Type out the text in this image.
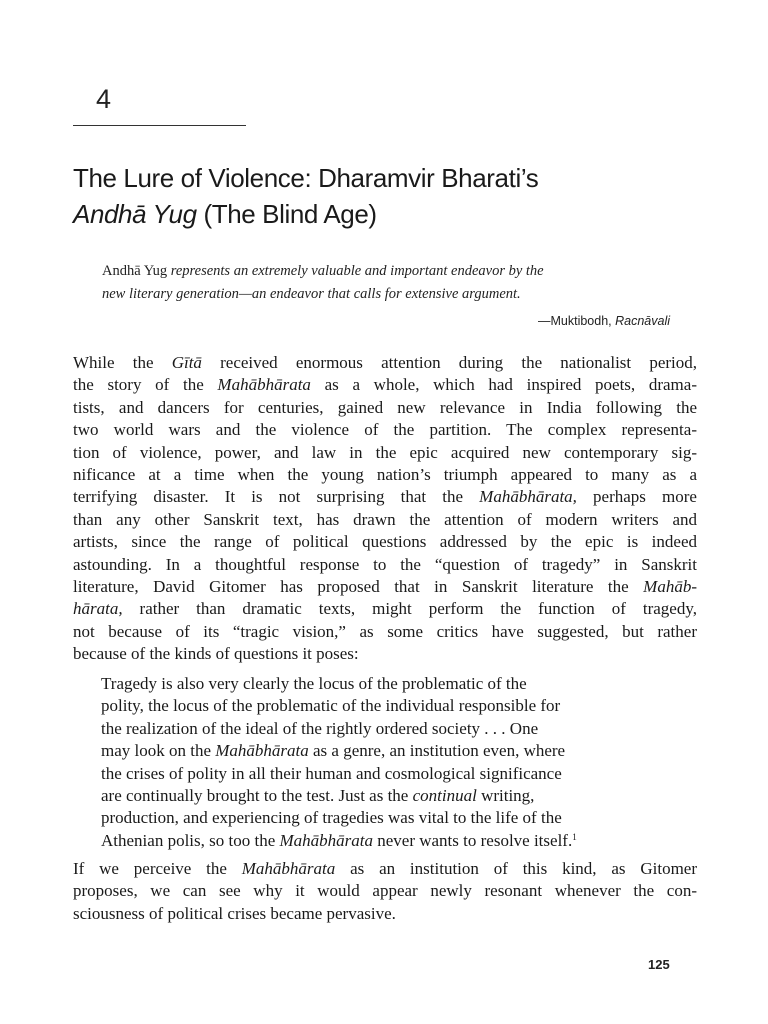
4
The Lure of Violence: Dharamvir Bharati’s
Andhā Yug (The Blind Age)
Andhā Yug represents an extremely valuable and important endeavor by the
new literary generation—an endeavor that calls for extensive argument.
—Muktibodh, Racnāvali
While the Gītā received enormous attention during the nationalist period,
the story of the Mahābhārata as a whole, which had inspired poets, drama-
tists, and dancers for centuries, gained new relevance in India following the
two world wars and the violence of the partition. The complex representa-
tion of violence, power, and law in the epic acquired new contemporary sig-
nificance at a time when the young nation’s triumph appeared to many as a
terrifying disaster. It is not surprising that the Mahābhārata, perhaps more
than any other Sanskrit text, has drawn the attention of modern writers and
artists, since the range of political questions addressed by the epic is indeed
astounding. In a thoughtful response to the “question of tragedy” in Sanskrit
literature, David Gitomer has proposed that in Sanskrit literature the Mahāb-
hārata, rather than dramatic texts, might perform the function of tragedy,
not because of its “tragic vision,” as some critics have suggested, but rather
because of the kinds of questions it poses:
Tragedy is also very clearly the locus of the problematic of the
polity, the locus of the problematic of the individual responsible for
the realization of the ideal of the rightly ordered society . . . One
may look on the Mahābhārata as a genre, an institution even, where
the crises of polity in all their human and cosmological significance
are continually brought to the test. Just as the continual writing,
production, and experiencing of tragedies was vital to the life of the
Athenian polis, so too the Mahābhārata never wants to resolve itself.$^1$
If we perceive the Mahābhārata as an institution of this kind, as Gitomer
proposes, we can see why it would appear newly resonant whenever the con-
sciousness of political crises became pervasive.
125
